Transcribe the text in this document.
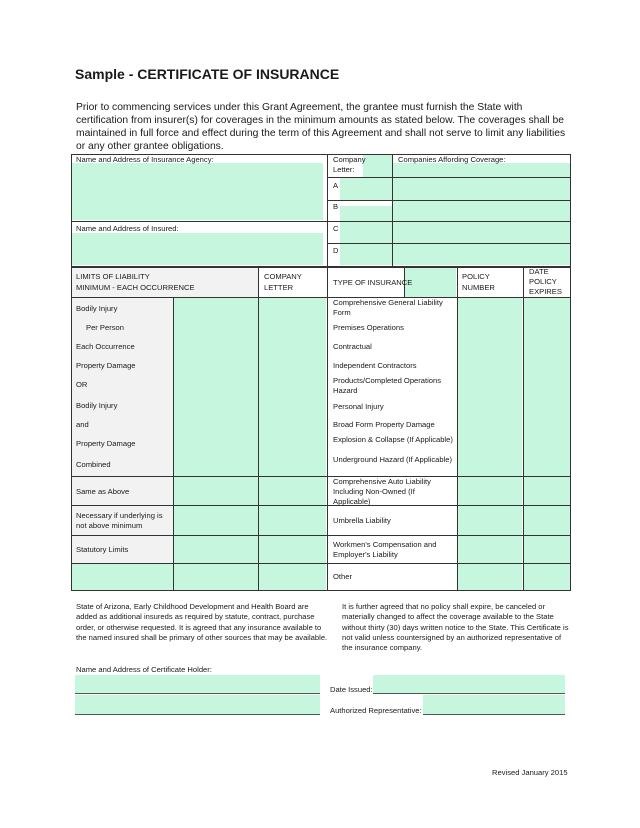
Sample - CERTIFICATE OF INSURANCE
Prior to commencing services under this Grant Agreement, the grantee must furnish the State with certification from insurer(s) for coverages in the minimum amounts as stated below. The coverages shall be maintained in full force and effect during the term of this Agreement and shall not serve to limit any liabilities or any other grantee obligations.
Name and Address of Insurance Agency:
Name and Address of Insured:
Company
Letter:
Companies Affording Coverage:
A
B
C
D
LIMITS OF LIABILITY
MINIMUM - EACH OCCURRENCE
COMPANY
LETTER
TYPE OF INSURANCE
POLICY
NUMBER
DATE
POLICY
EXPIRES
Bodily Injury
Per Person
Each Occurrence
Property Damage
OR
Bodily Injury
and
Property Damage
Combined
Comprehensive General Liability Form
Premises Operations
Contractual
Independent Contractors
Products/Completed Operations Hazard
Personal Injury
Broad Form Property Damage
Explosion & Collapse (If Applicable)
Underground Hazard (If Applicable)
Same as Above
Comprehensive Auto Liability Including Non-Owned (If Applicable)
Necessary if underlying is not above minimum
Umbrella Liability
Statutory Limits
Workmen's Compensation and Employer's Liability
Other
State of Arizona, Early Childhood Development and Health Board are added as additional insureds as required by statute, contract, purchase order, or otherwise requested. It is agreed that any insurance available to the named insured shall be primary of other sources that may be available.
It is further agreed that no policy shall expire, be canceled or materially changed to affect the coverage available to the State without thirty (30) days written notice to the State. This Certificate is not valid unless countersigned by an authorized representative of the insurance company.
Name and Address of Certificate Holder:
Date Issued:
Authorized Representative:
Revised January 2015
